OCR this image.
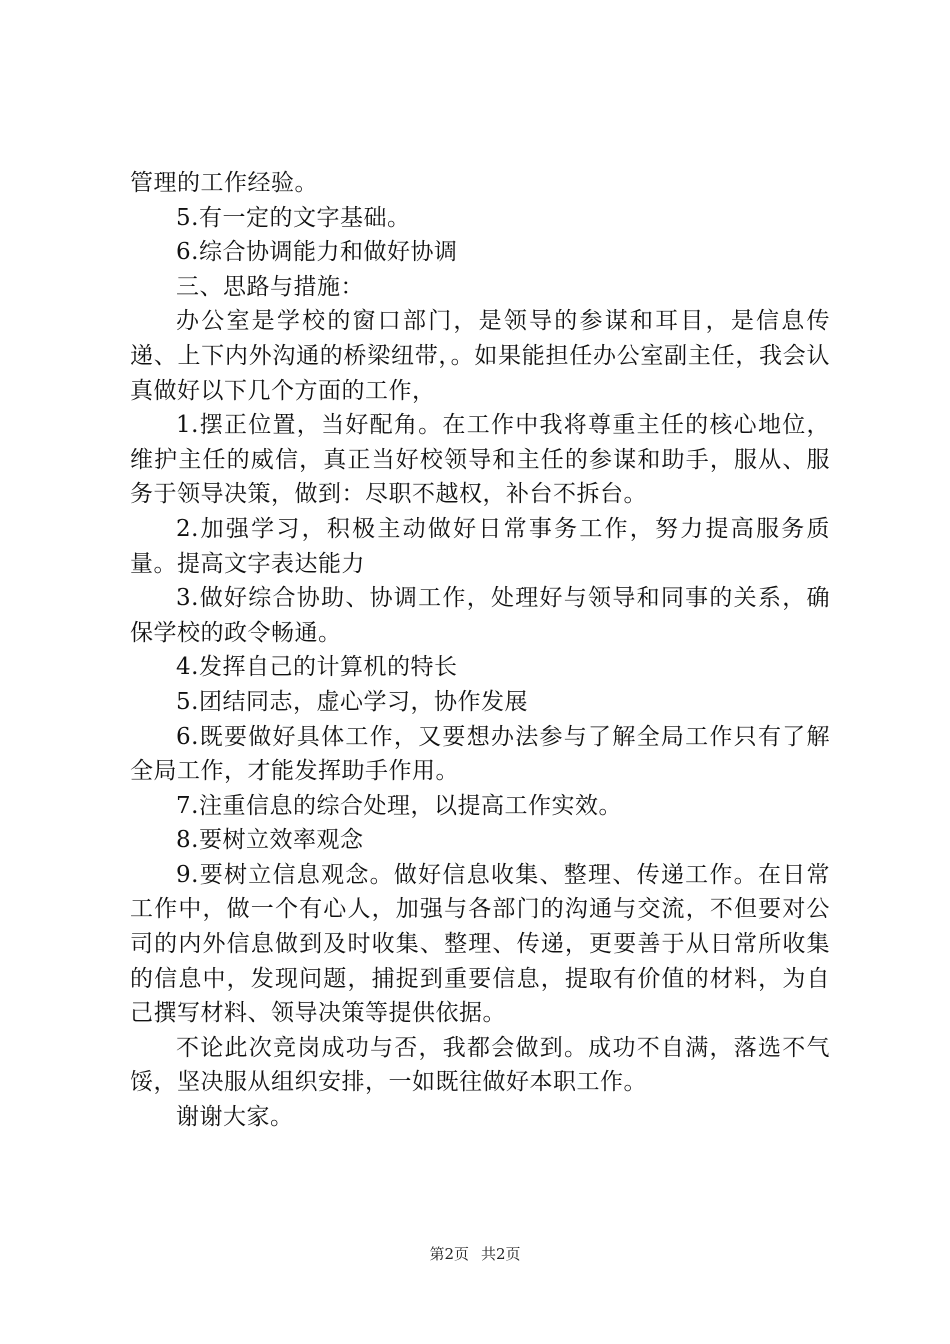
管理的工作经验。

5.有一定的文字基础。

6.综合协调能力和做好协调

三、思路与措施：

办公室是学校的窗口部门，是领导的参谋和耳目，是信息传递、上下内外沟通的桥梁纽带，。如果能担任办公室副主任，我会认真做好以下几个方面的工作，

1.摆正位置，当好配角。在工作中我将尊重主任的核心地位，维护主任的威信，真正当好校领导和主任的参谋和助手，服从、服务于领导决策，做到：尽职不越权，补台不拆台。

2.加强学习，积极主动做好日常事务工作，努力提高服务质量。提高文字表达能力

3.做好综合协助、协调工作，处理好与领导和同事的关系，确保学校的政令畅通。

4.发挥自己的计算机的特长

5.团结同志，虚心学习，协作发展

6.既要做好具体工作，又要想办法参与了解全局工作只有了解全局工作，才能发挥助手作用。

7.注重信息的综合处理，以提高工作实效。

8.要树立效率观念

9.要树立信息观念。做好信息收集、整理、传递工作。在日常工作中，做一个有心人，加强与各部门的沟通与交流，不但要对公司的内外信息做到及时收集、整理、传递，更要善于从日常所收集的信息中，发现问题，捕捉到重要信息，提取有价值的材料，为自己撰写材料、领导决策等提供依据。

不论此次竞岗成功与否，我都会做到。成功不自满，落选不气馁，坚决服从组织安排，一如既往做好本职工作。

谢谢大家。

第2页 共2页
